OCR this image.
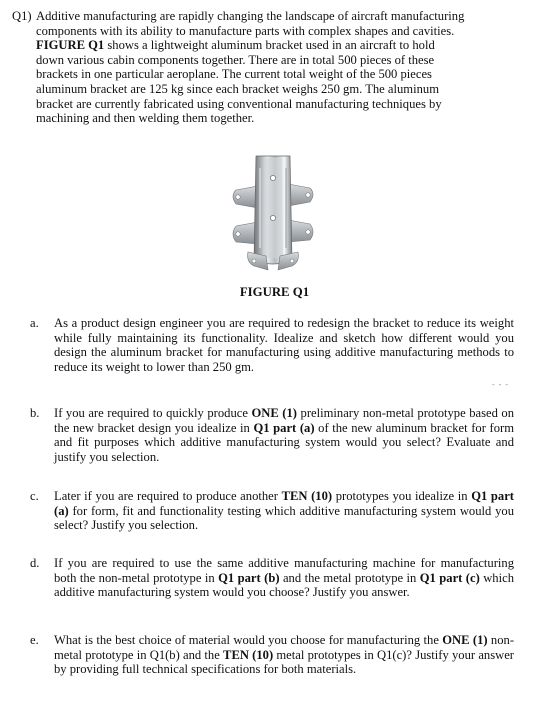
Q1) Additive manufacturing are rapidly changing the landscape of aircraft manufacturing
components with its ability to manufacture parts with complex shapes and cavities.
FIGURE Q1 shows a lightweight aluminum bracket used in an aircraft to hold
down various cabin components together. There are in total 500 pieces of these
brackets in one particular aeroplane. The current total weight of the 500 pieces
aluminum bracket are 125 kg since each bracket weighs 250 gm. The aluminum
bracket are currently fabricated using conventional manufacturing techniques by
machining and then welding them together.
FIGURE Q1
a. As a product design engineer you are required to redesign the bracket to reduce its weight while fully maintaining its functionality. Idealize and sketch how different would you design the aluminum bracket for manufacturing using additive manufacturing methods to reduce its weight to lower than 250 gm.
- - -
b. If you are required to quickly produce ONE (1) preliminary non-metal prototype based on the new bracket design you idealize in Q1 part (a) of the new aluminum bracket for form and fit purposes which additive manufacturing system would you select? Evaluate and justify you selection.
c. Later if you are required to produce another TEN (10) prototypes you idealize in Q1 part (a) for form, fit and functionality testing which additive manufacturing system would you select? Justify you selection.
d. If you are required to use the same additive manufacturing machine for manufacturing both the non-metal prototype in Q1 part (b) and the metal prototype in Q1 part (c) which additive manufacturing system would you choose? Justify you answer.
e. What is the best choice of material would you choose for manufacturing the ONE (1) non-metal prototype in Q1(b) and the TEN (10) metal prototypes in Q1(c)? Justify your answer by providing full technical specifications for both materials.
